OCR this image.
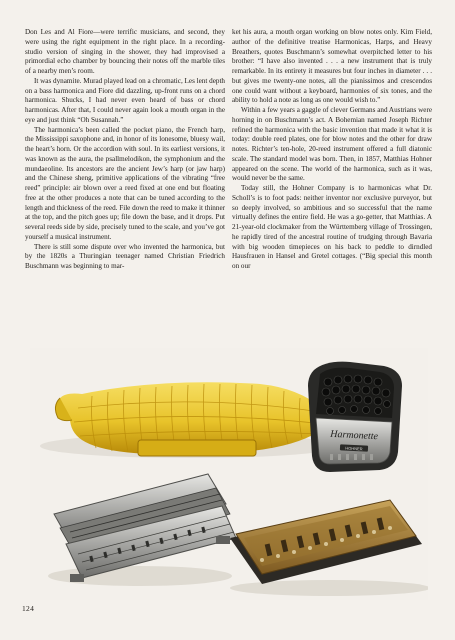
Don Les and Al Fiore—were terrific musicians, and second, they were using the right equipment in the right place. In a recording-studio version of singing in the shower, they had improvised a primordial echo chamber by bouncing their notes off the marble tiles of a nearby men’s room.

It was dynamite. Murad played lead on a chromatic, Les lent depth on a bass harmonica and Fiore did dazzling, up-front runs on a chord harmonica. Shucks, I had never even heard of bass or chord harmonicas. After that, I could never again look a mouth organ in the eye and just think “Oh Susannah.”

The harmonica’s been called the pocket piano, the French harp, the Mississippi saxophone and, in honor of its lonesome, bluesy wail, the heart’s horn. Or the accordion with soul. In its earliest versions, it was known as the aura, the psallmelodikon, the symphonium and the mundaeoline. Its ancestors are the ancient Jew’s harp (or jaw harp) and the Chinese sheng, primitive applications of the vibrating “free reed” principle: air blown over a reed fixed at one end but floating free at the other produces a note that can be tuned according to the length and thickness of the reed. File down the reed to make it thinner at the top, and the pitch goes up; file down the base, and it drops. Put several reeds side by side, precisely tuned to the scale, and you’ve got yourself a musical instrument.

There is still some dispute over who invented the harmonica, but by the 1820s a Thuringian teenager named Christian Friedrich Buschmann was beginning to mar-

ket his aura, a mouth organ working on blow notes only. Kim Field, author of the definitive treatise Harmonicas, Harps, and Heavy Breathers, quotes Buschmann’s somewhat overpitched letter to his brother: “I have also invented . . . a new instrument that is truly remarkable. In its entirety it measures but four inches in diameter . . . but gives me twenty-one notes, all the pianissimos and crescendos one could want without a keyboard, harmonies of six tones, and the ability to hold a note as long as one would wish to.”

Within a few years a gaggle of clever Germans and Austrians were horning in on Buschmann’s act. A Bohemian named Joseph Richter refined the harmonica with the basic invention that made it what it is today: double reed plates, one for blow notes and the other for draw notes. Richter’s ten-hole, 20-reed instrument offered a full diatonic scale. The standard model was born. Then, in 1857, Matthias Hohner appeared on the scene. The world of the harmonica, such as it was, would never be the same.

Today still, the Hohner Company is to harmonicas what Dr. Scholl’s is to foot pads: neither inventor nor exclusive purveyor, but so deeply involved, so ambitious and so successful that the name virtually defines the entire field. He was a go-getter, that Matthias. A 21-year-old clockmaker from the Württemberg village of Trossingen, he rapidly tired of the ancestral routine of trudging through Bavaria with big wooden timepieces on his back to peddle to dirndled Hausfrauen in Hansel and Gretel cottages. (“Big special this month on our

Harmonette
HOHNER
124
